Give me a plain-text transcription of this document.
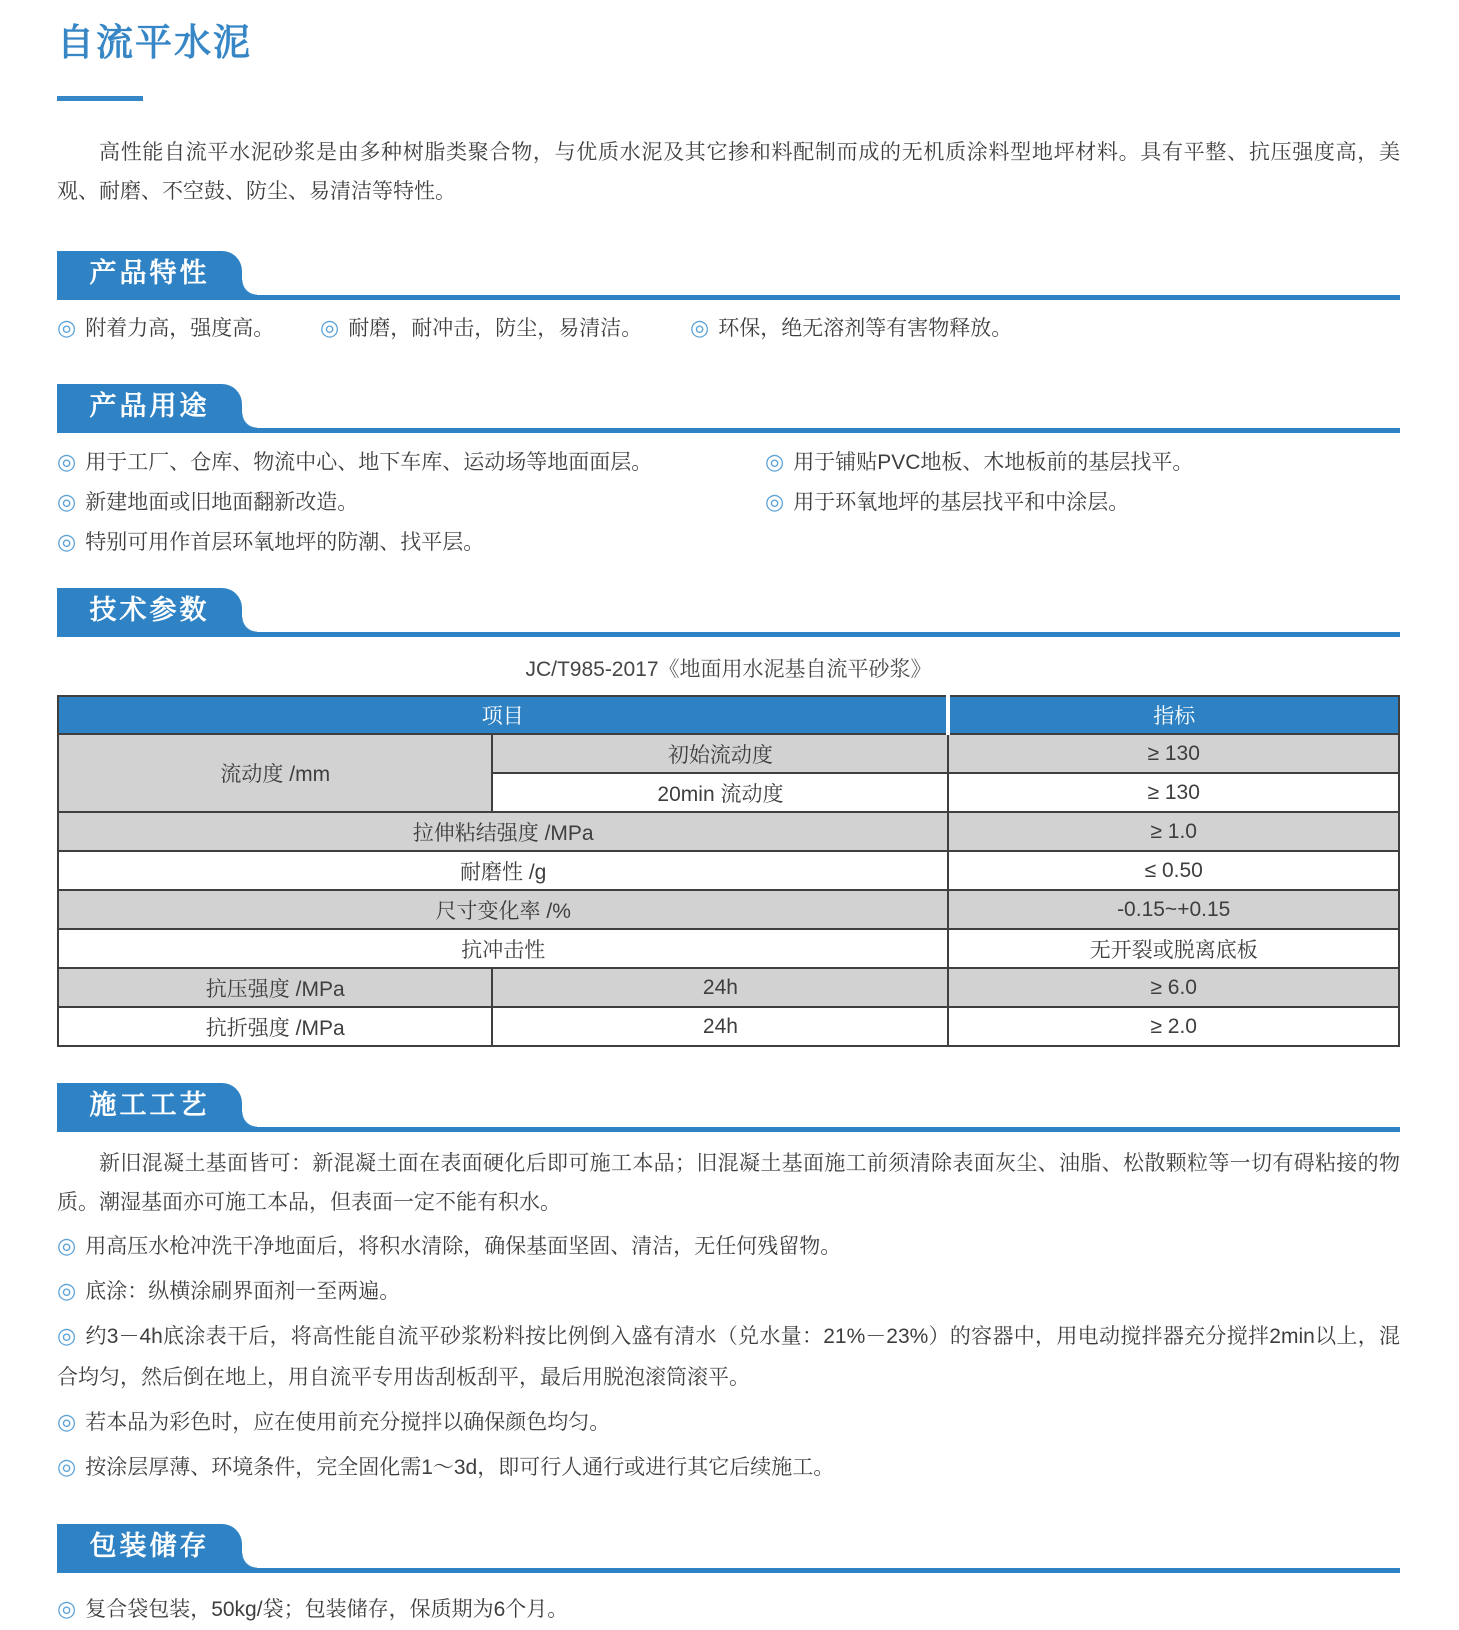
自流平水泥

高性能自流平水泥砂浆是由多种树脂类聚合物，与优质水泥及其它掺和料配制而成的无机质涂料型地坪材料。具有平整、抗压强度高，美观、耐磨、不空鼓、防尘、易清洁等特性。

产品特性
◎ 附着力高，强度高。	◎ 耐磨，耐冲击，防尘，易清洁。	◎ 环保，绝无溶剂等有害物释放。
产品用途
◎ 用于工厂、仓库、物流中心、地下车库、运动场等地面面层。	◎ 用于铺贴PVC地板、木地板前的基层找平。
◎ 新建地面或旧地面翻新改造。	◎ 用于环氧地坪的基层找平和中涂层。
◎ 特别可用作首层环氧地坪的防潮、找平层。
技术参数
JC/T985-2017《地面用水泥基自流平砂浆》
项目		指标
流动度 /mm	初始流动度	≥ 130
	20min 流动度	≥ 130
拉伸粘结强度 /MPa		≥ 1.0
耐磨性 /g		≤ 0.50
尺寸变化率 /%		-0.15~+0.15
抗冲击性		无开裂或脱离底板
抗压强度 /MPa	24h	≥ 6.0
抗折强度 /MPa	24h	≥ 2.0
施工工艺

新旧混凝土基面皆可：新混凝土面在表面硬化后即可施工本品；旧混凝土基面施工前须清除表面灰尘、油脂、松散颗粒等一切有碍粘接的物质。潮湿基面亦可施工本品，但表面一定不能有积水。

◎ 用高压水枪冲洗干净地面后，将积水清除，确保基面坚固、清洁，无任何残留物。

◎ 底涂：纵横涂刷界面剂一至两遍。

◎ 约3－4h底涂表干后，将高性能自流平砂浆粉料按比例倒入盛有清水（兑水量：21%－23%）的容器中，用电动搅拌器充分搅拌2min以上，混合均匀，然后倒在地上，用自流平专用齿刮板刮平，最后用脱泡滚筒滚平。

◎ 若本品为彩色时，应在使用前充分搅拌以确保颜色均匀。

◎ 按涂层厚薄、环境条件，完全固化需1～3d，即可行人通行或进行其它后续施工。

包装储存

◎ 复合袋包装，50kg/袋；包装储存，保质期为6个月。
